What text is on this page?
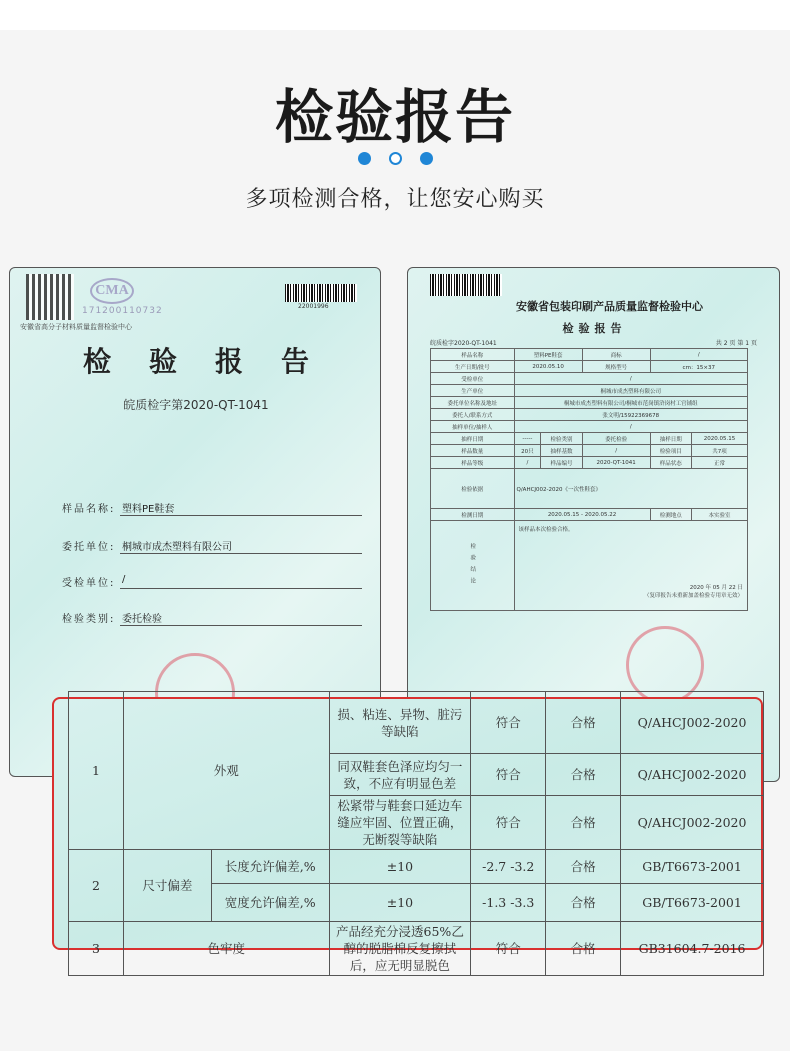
检验报告
多项检测合格，让您安心购买
安徽省高分子材料质量监督检验中心
CMA
171200110732	22001996
检验报告
皖质检字第2020-QT-1041
样品名称: 塑料PE鞋套
委托单位: 桐城市成杰塑料有限公司
受检单位: /
检验类别: 委托检验
安徽省包装印刷产品质量监督检验中心
检验报告
皖质检字2020-QT-1041	共 2 页 第 1 页
样品名称	塑料PE鞋套		商标	/	
生产日期/批号	2020.05.10		规格型号	cm：15×37	
受检单位	/				
生产单位	桐城市成杰塑料有限公司				
委托单位名称及地址	桐城市成杰塑料有限公司/桐城市范岗镇浒岗村工官铺组				
委托人/联系方式	张文明/15922369678				
抽样单位/抽样人	/				
抽样日期	-----	检验类别	委托检验	抽样日期	2020.05.15
样品数量	20只	抽样基数	/	检验项目	共7项
样品等级	/	样品编号	2020-QT-1041	样品状态	正常
检验依据	Q/AHCJ002-2020《一次性鞋套》				
检测日期	2020.05.15 - 2020.05.22			检测地点	本实验室
检验结论	该样品本次检验合格。
2020 年 05 月 22 日
（复印报告未重新加盖检验专用章无效）				
1	外观		损、粘连、异物、脏污等缺陷	符合	合格	Q/AHCJ002-2020
			同双鞋套色泽应均匀一致，不应有明显色差	符合	合格	Q/AHCJ002-2020
			松紧带与鞋套口延边车缝应牢固、位置正确，无断裂等缺陷	符合	合格	Q/AHCJ002-2020
2	尺寸偏差	长度允许偏差,%	±10	-2.7 -3.2	合格	GB/T6673-2001
		宽度允许偏差,%	±10	-1.3 -3.3	合格	GB/T6673-2001
3	色牢度		产品经充分浸透65%乙醇的脱脂棉反复擦拭后，应无明显脱色	符合	合格	GB31604.7-2016
